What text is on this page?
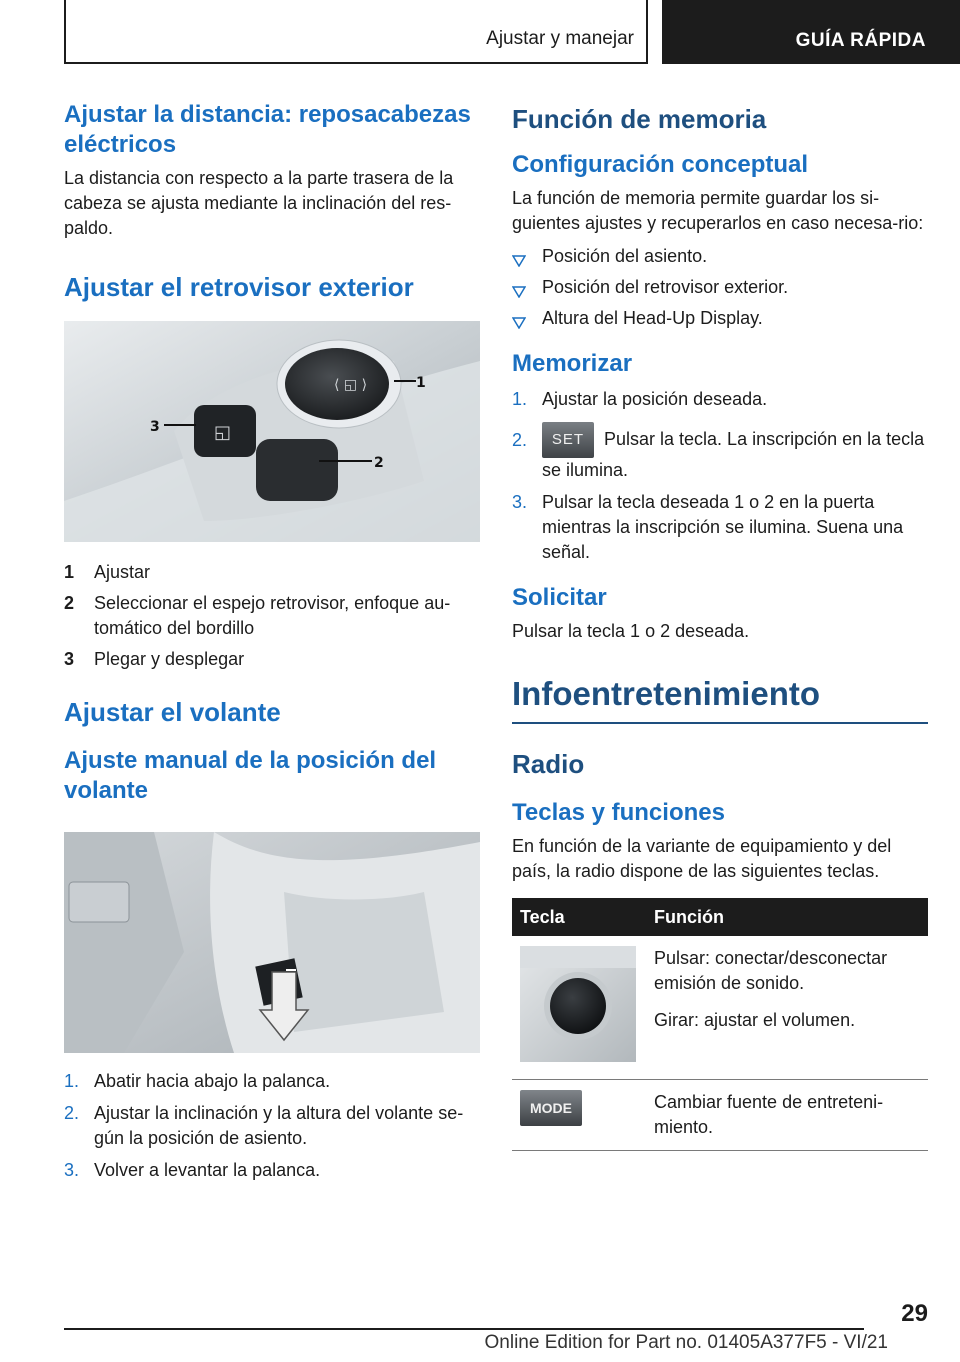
Ajustar y manejar	GUÍA RÁPIDA
Ajustar la distancia: reposacabezas eléctricos

La distancia con respecto a la parte trasera de la cabeza se ajusta mediante la inclinación del res-paldo.

Ajustar el retrovisor exterior
⟨ ◱ ⟩
◱
1
2
3
1 Ajustar
2 Seleccionar el espejo retrovisor, enfoque au-tomático del bordillo
3 Plegar y desplegar
Ajustar el volante
Ajuste manual de la posición del volante
1. Abatir hacia abajo la palanca.
2. Ajustar la inclinación y la altura del volante se-gún la posición de asiento.
3. Volver a levantar la palanca.
Función de memoria
Configuración conceptual

La función de memoria permite guardar los si-guientes ajustes y recuperarlos en caso necesa-rio:

Posición del asiento.
Posición del retrovisor exterior.
Altura del Head-Up Display.
Memorizar
1. Ajustar la posición deseada.
2. SET Pulsar la tecla. La inscripción en la tecla se ilumina.
3. Pulsar la tecla deseada 1 o 2 en la puerta mientras la inscripción se ilumina. Suena una señal.
Solicitar

Pulsar la tecla 1 o 2 deseada.

Infoentretenimiento
Radio
Teclas y funciones

En función de la variante de equipamiento y del país, la radio dispone de las siguientes teclas.

Tecla	Función

Pulsar: conectar/desconectar emisión de sonido.

Girar: ajustar el volumen.

MODE	Cambiar fuente de entreteni-miento.

29
Online Edition for Part no. 01405A377F5 - VI/21
